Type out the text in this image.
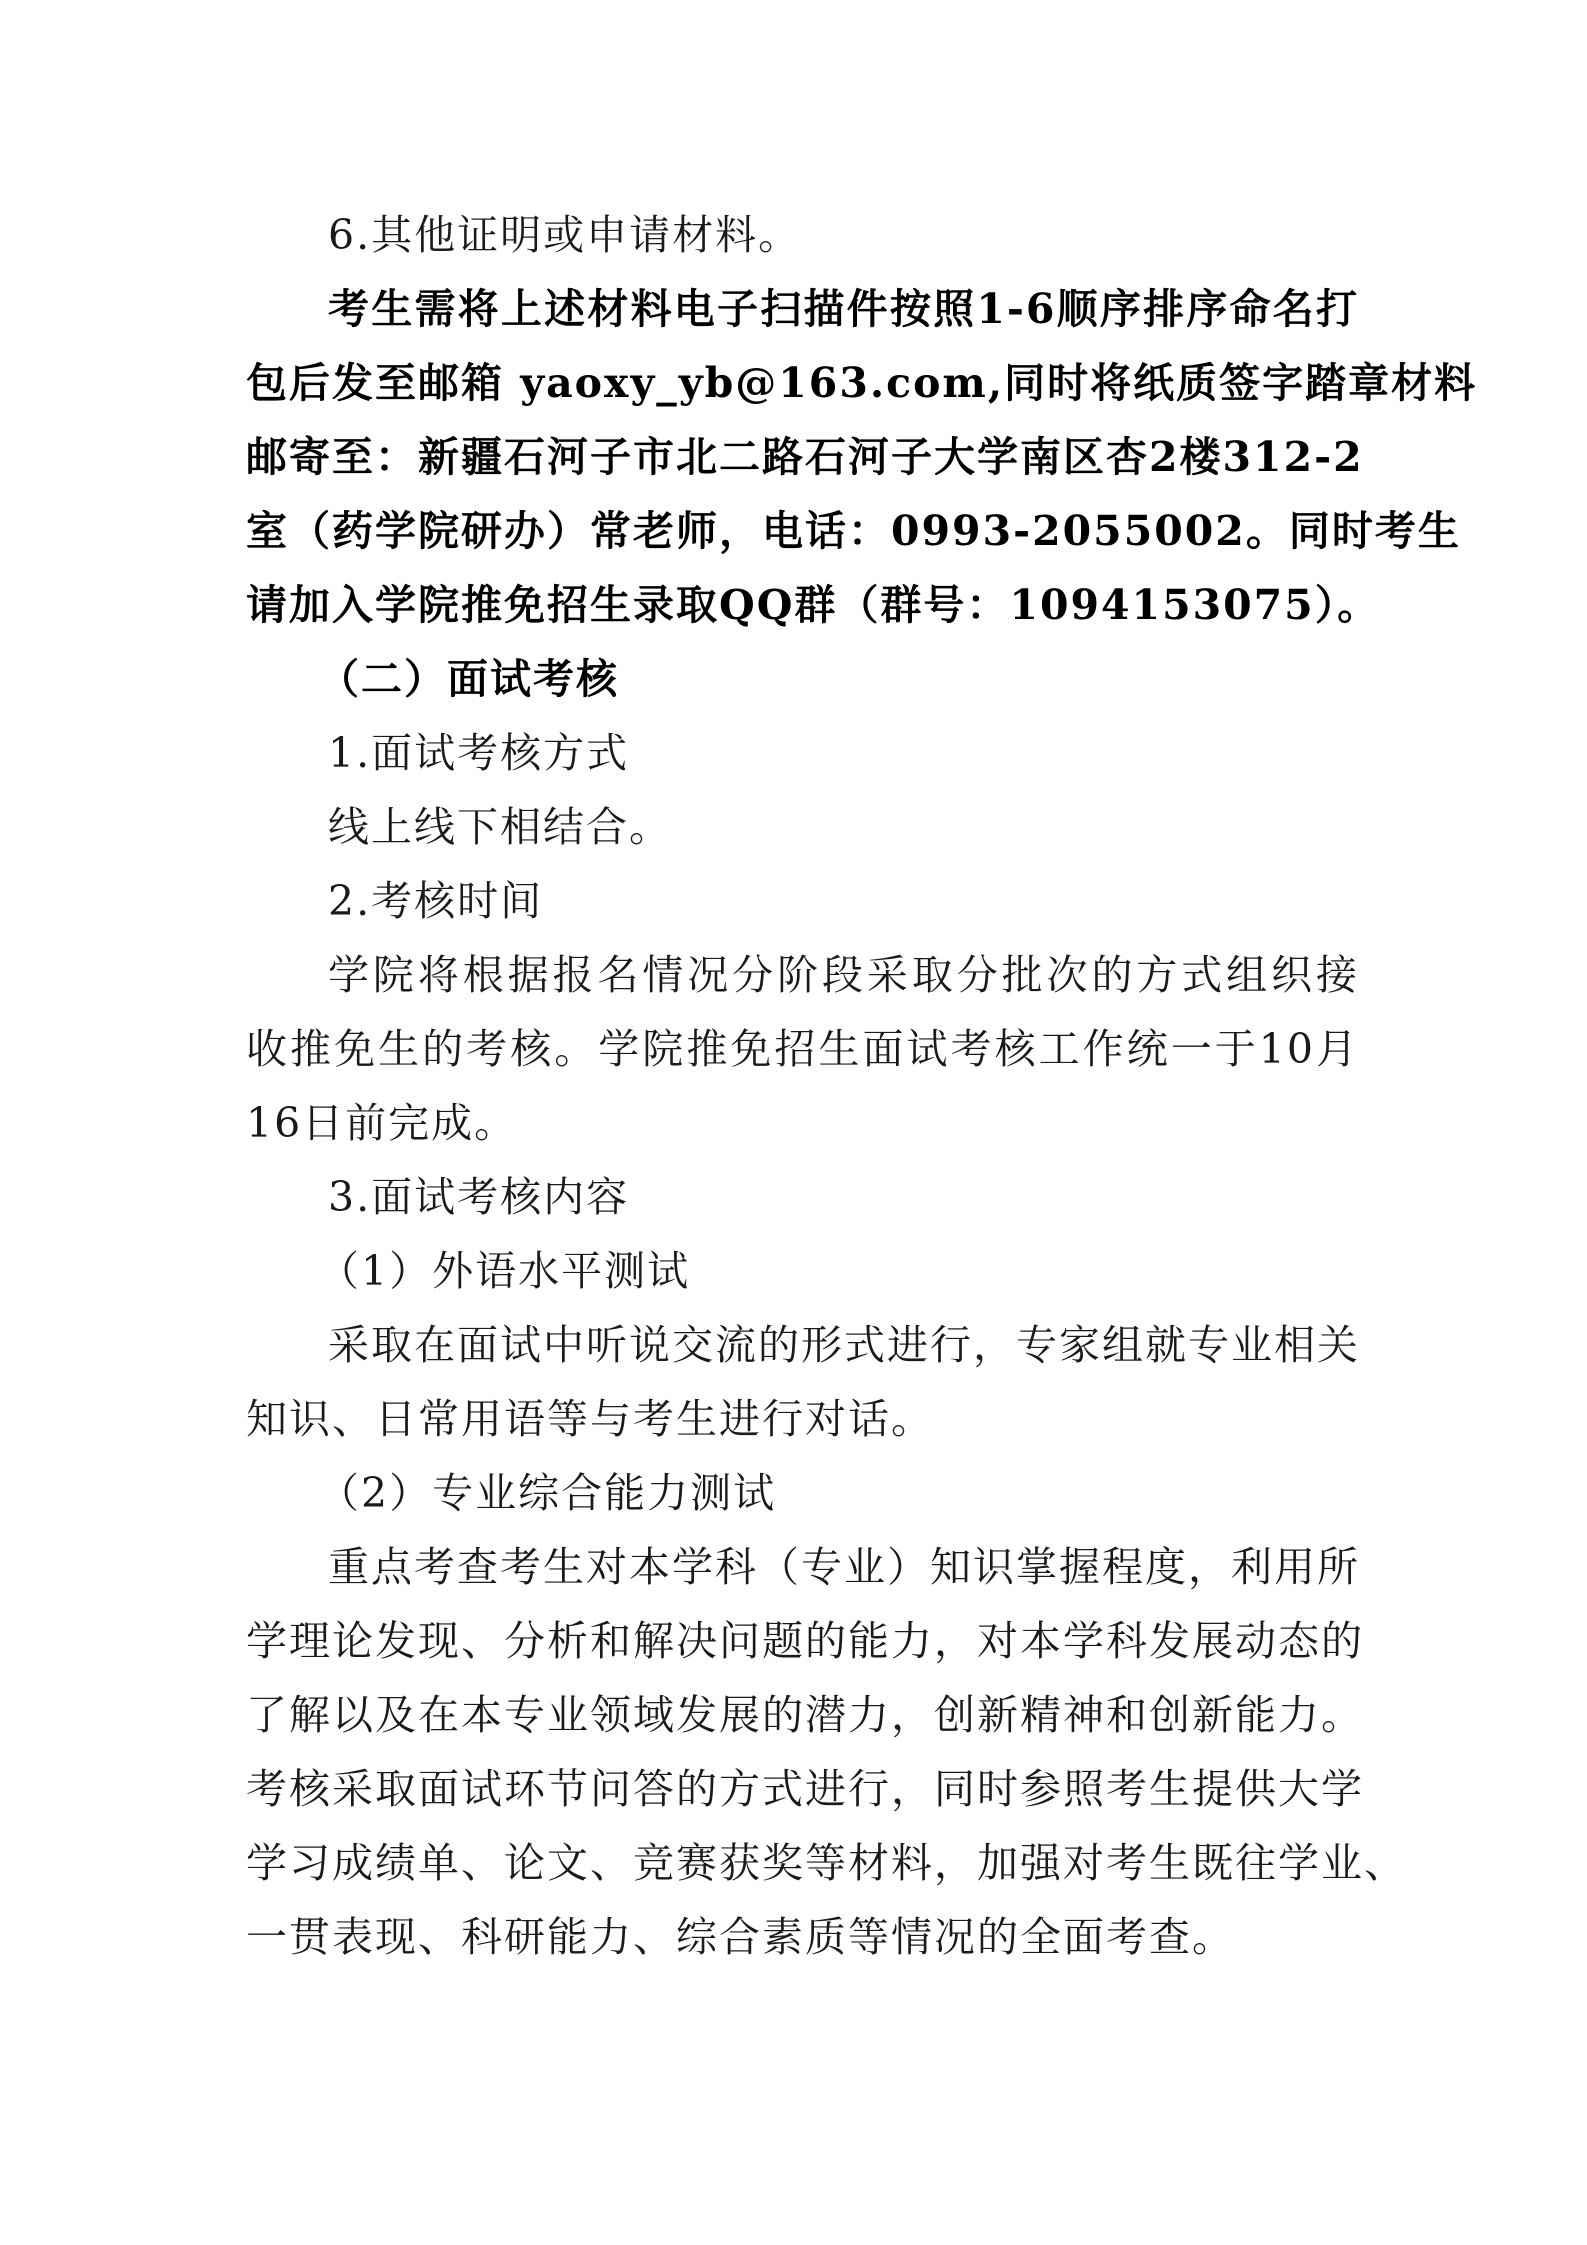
6.其他证明或申请材料。
考生需将上述材料电子扫描件按照1-6顺序排序命名打
包后发至邮箱 yaoxy_yb@163.com,同时将纸质签字踏章材料
邮寄至：新疆石河子市北二路石河子大学南区杏2楼312-2
室（药学院研办）常老师，电话：0993-2055002。同时考生
请加入学院推免招生录取QQ群（群号：1094153075）。
（二）面试考核
1.面试考核方式
线上线下相结合。
2.考核时间
学院将根据报名情况分阶段采取分批次的方式组织接
收推免生的考核。学院推免招生面试考核工作统一于10月
16日前完成。
3.面试考核内容
（1）外语水平测试
采取在面试中听说交流的形式进行，专家组就专业相关
知识、日常用语等与考生进行对话。
（2）专业综合能力测试
重点考查考生对本学科（专业）知识掌握程度，利用所
学理论发现、分析和解决问题的能力，对本学科发展动态的
了解以及在本专业领域发展的潜力，创新精神和创新能力。
考核采取面试环节问答的方式进行，同时参照考生提供大学
学习成绩单、论文、竞赛获奖等材料，加强对考生既往学业、
一贯表现、科研能力、综合素质等情况的全面考查。
